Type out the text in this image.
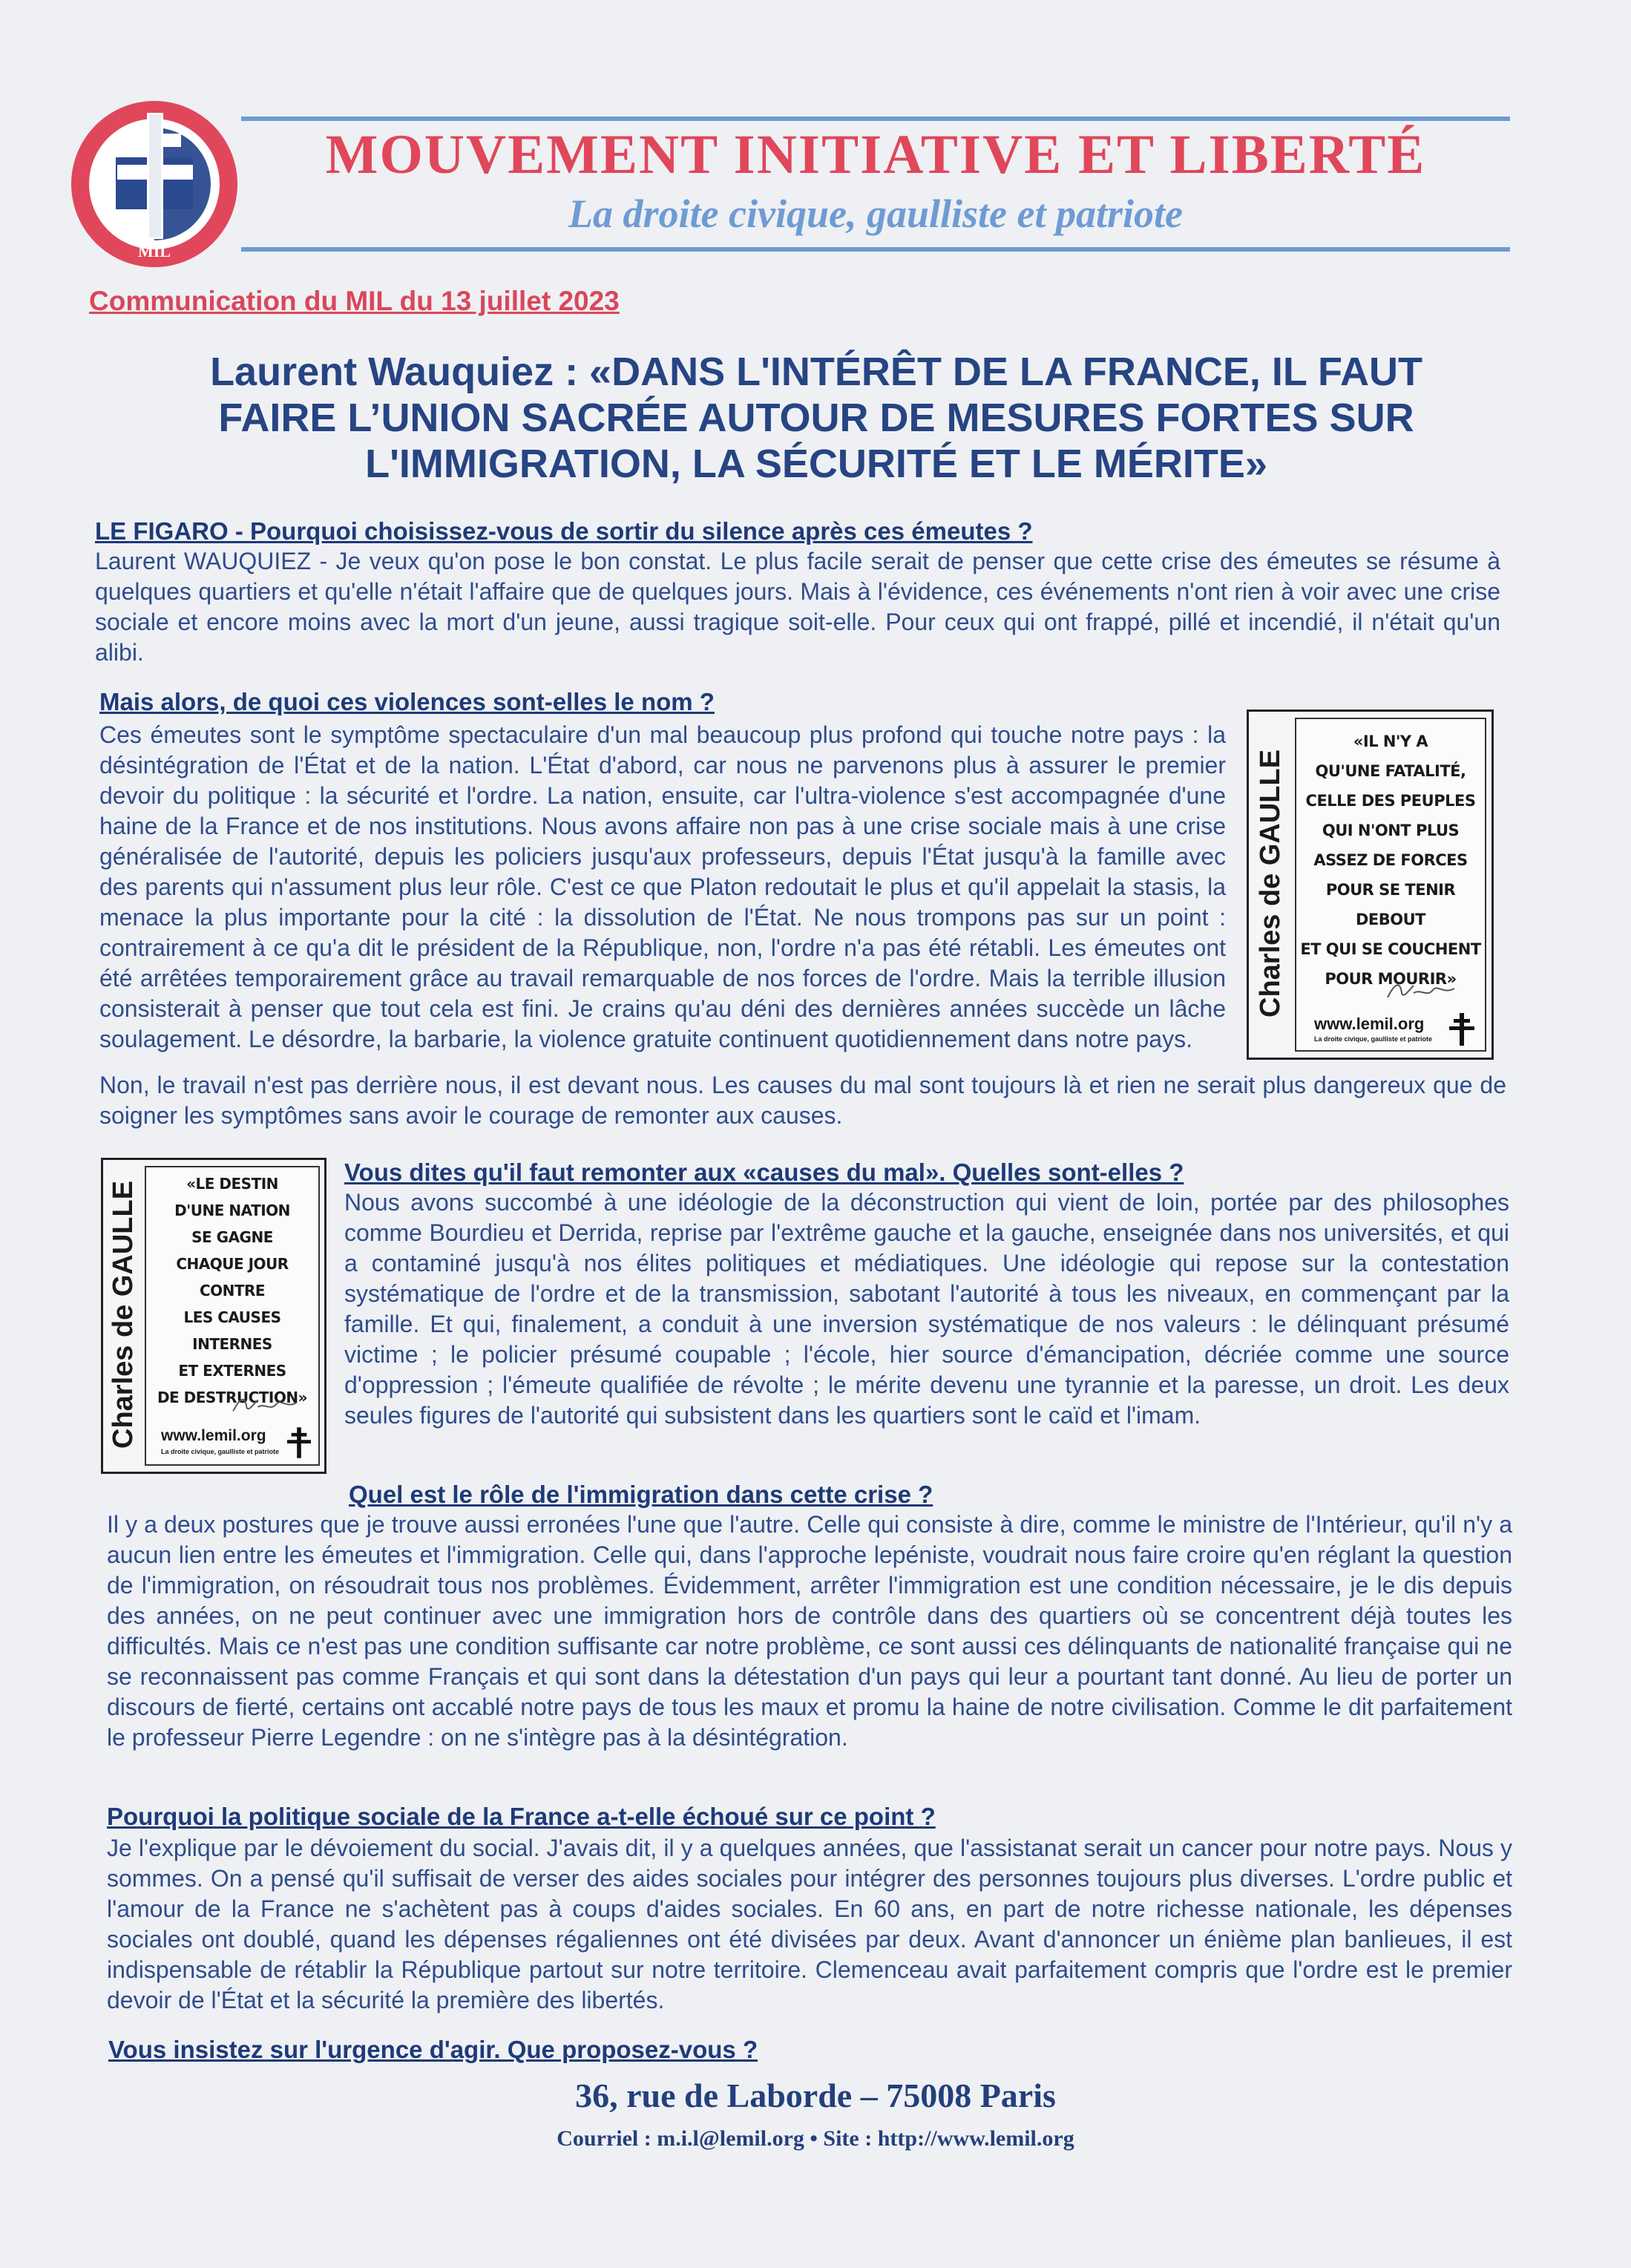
MIL
MOUVEMENT INITIATIVE ET LIBERTÉ
La droite civique, gaulliste et patriote
Communication du MIL du 13 juillet 2023
Laurent Wauquiez : «DANS L'INTÉRÊT DE LA FRANCE, IL FAUT
FAIRE L’UNION SACRÉE AUTOUR DE MESURES FORTES SUR
L'IMMIGRATION, LA SÉCURITÉ ET LE MÉRITE»
LE FIGARO - Pourquoi choisissez-vous de sortir du silence après ces émeutes ?

Laurent WAUQUIEZ - Je veux qu'on pose le bon constat. Le plus facile serait de penser que cette crise des émeutes se résume à quelques quartiers et qu'elle n'était l'affaire que de quelques jours. Mais à l'évidence, ces événements n'ont rien à voir avec une crise sociale et encore moins avec la mort d'un jeune, aussi tragique soit-elle. Pour ceux qui ont frappé, pillé et incendié, il n'était qu'un alibi.

Mais alors, de quoi ces violences sont-elles le nom ?

Ces émeutes sont le symptôme spectaculaire d'un mal beaucoup plus profond qui touche notre pays : la désintégration de l'État et de la nation. L'État d'abord, car nous ne parvenons plus à assurer le premier devoir du politique : la sécurité et l'ordre. La nation, ensuite, car l'ultra-violence s'est accompagnée d'une haine de la France et de nos institutions. Nous avons affaire non pas à une crise sociale mais à une crise généralisée de l'autorité, depuis les policiers jusqu'aux professeurs, depuis l'État jusqu'à la famille avec des parents qui n'assument plus leur rôle. C'est ce que Platon redoutait le plus et qu'il appelait la stasis, la menace la plus importante pour la cité : la dissolution de l'État. Ne nous trompons pas sur un point : contrairement à ce qu'a dit le président de la République, non, l'ordre n'a pas été rétabli. Les émeutes ont été arrêtées temporairement grâce au travail remarquable de nos forces de l'ordre. Mais la terrible illusion consisterait à penser que tout cela est fini. Je crains qu'au déni des dernières années succède un lâche soulagement. Le désordre, la barbarie, la violence gratuite continuent quotidiennement dans notre pays.

Non, le travail n'est pas derrière nous, il est devant nous. Les causes du mal sont toujours là et rien ne serait plus dangereux que de soigner les symptômes sans avoir le courage de remonter aux causes.

Charles de GAULLE
«IL N'Y A
QU'UNE FATALITÉ,
CELLE DES PEUPLES
QUI N'ONT PLUS
ASSEZ DE FORCES
POUR SE TENIR DEBOUT
ET QUI SE COUCHENT
POUR MOURIR»
www.lemil.org
La droite civique, gaulliste et patriote
Charles de GAULLE	«LE DESTIN
D'UNE NATION
SE GAGNE
CHAQUE JOUR
CONTRE
LES CAUSES INTERNES
ET EXTERNES
DE DESTRUCTION»
www.lemil.org
La droite civique, gaulliste et patriote
Vous dites qu'il faut remonter aux «causes du mal». Quelles sont-elles ?

Nous avons succombé à une idéologie de la déconstruction qui vient de loin, portée par des philosophes comme Bourdieu et Derrida, reprise par l'extrême gauche et la gauche, enseignée dans nos universités, et qui a contaminé jusqu'à nos élites politiques et médiatiques. Une idéologie qui repose sur la contestation systématique de l'ordre et de la transmission, sabotant l'autorité à tous les niveaux, en commençant par la famille. Et qui, finalement, a conduit à une inversion systématique de nos valeurs : le délinquant présumé victime ; le policier présumé coupable ; l'école, hier source d'émancipation, décriée comme une source d'oppression ; l'émeute qualifiée de révolte ; le mérite devenu une tyrannie et la paresse, un droit. Les deux seules figures de l'autorité qui subsistent dans les quartiers sont le caïd et l'imam.

Quel est le rôle de l'immigration dans cette crise ?

Il y a deux postures que je trouve aussi erronées l'une que l'autre. Celle qui consiste à dire, comme le ministre de l'Intérieur, qu'il n'y a aucun lien entre les émeutes et l'immigration. Celle qui, dans l'approche lepéniste, voudrait nous faire croire qu'en réglant la question de l'immigration, on résoudrait tous nos problèmes. Évidemment, arrêter l'immigration est une condition nécessaire, je le dis depuis des années, on ne peut continuer avec une immigration hors de contrôle dans des quartiers où se concentrent déjà toutes les difficultés. Mais ce n'est pas une condition suffisante car notre problème, ce sont aussi ces délinquants de nationalité française qui ne se reconnaissent pas comme Français et qui sont dans la détestation d'un pays qui leur a pourtant tant donné. Au lieu de porter un discours de fierté, certains ont accablé notre pays de tous les maux et promu la haine de notre civilisation. Comme le dit parfaitement le professeur Pierre Legendre : on ne s'intègre pas à la désintégration.

Pourquoi la politique sociale de la France a-t-elle échoué sur ce point ?

Je l'explique par le dévoiement du social. J'avais dit, il y a quelques années, que l'assistanat serait un cancer pour notre pays. Nous y sommes. On a pensé qu'il suffisait de verser des aides sociales pour intégrer des personnes toujours plus diverses. L'ordre public et l'amour de la France ne s'achètent pas à coups d'aides sociales. En 60 ans, en part de notre richesse nationale, les dépenses sociales ont doublé, quand les dépenses régaliennes ont été divisées par deux. Avant d'annoncer un énième plan banlieues, il est indispensable de rétablir la République partout sur notre territoire. Clemenceau avait parfaitement compris que l'ordre est le premier devoir de l'État et la sécurité la première des libertés.

Vous insistez sur l'urgence d'agir. Que proposez-vous ?
36, rue de Laborde – 75008 Paris
Courriel : m.i.l@lemil.org • Site : http://www.lemil.org
